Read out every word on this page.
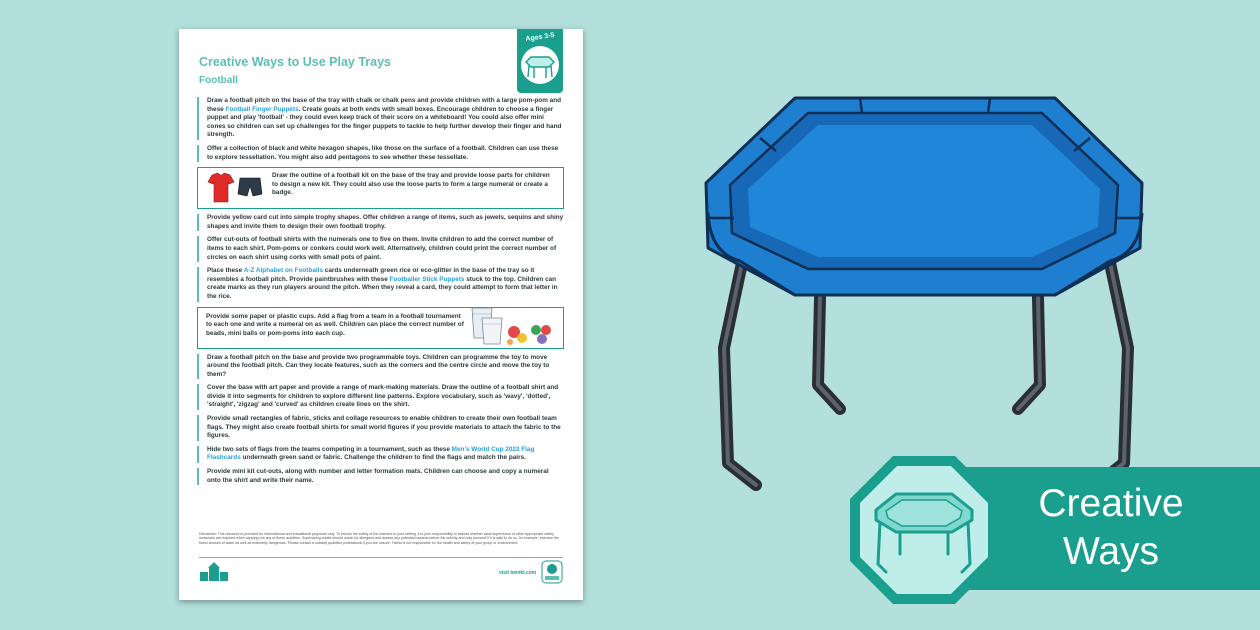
Creative Ways to Use Play Trays
Football
Ages 3-5

Draw a football pitch on the base of the tray with chalk or chalk pens and provide children with a large pom-pom and these Football Finger Puppets. Create goals at both ends with small boxes. Encourage children to choose a finger puppet and play 'football' - they could even keep track of their score on a whiteboard! You could also offer mini cones so children can set up challenges for the finger puppets to tackle to help further develop their finger and hand strength.

Offer a collection of black and white hexagon shapes, like those on the surface of a football. Children can use these to explore tessellation. You might also add pentagons to see whether these tessellate.

Draw the outline of a football kit on the base of the tray and provide loose parts for children to design a new kit. They could also use the loose parts to form a large numeral or create a badge.

Provide yellow card cut into simple trophy shapes. Offer children a range of items, such as jewels, sequins and shiny shapes and invite them to design their own football trophy.

Offer cut-outs of football shirts with the numerals one to five on them. Invite children to add the correct number of items to each shirt. Pom-poms or conkers could work well. Alternatively, children could print the correct number of circles on each shirt using corks with small pots of paint.

Place these A-Z Alphabet on Footballs cards underneath green rice or eco-glitter in the base of the tray so it resembles a football pitch. Provide paintbrushes with these Footballer Stick Puppets stuck to the top. Children can create marks as they run players around the pitch. When they reveal a card, they could attempt to form that letter in the rice.

Provide some paper or plastic cups. Add a flag from a team in a football tournament to each one and write a numeral on as well. Children can place the correct number of beads, mini balls or pom-poms into each cup.

Draw a football pitch on the base and provide two programmable toys. Children can programme the toy to move around the football pitch. Can they locate features, such as the corners and the centre circle and move the toy to them?

Cover the base with art paper and provide a range of mark-making materials. Draw the outline of a football shirt and divide it into segments for children to explore different line patterns. Explore vocabulary, such as 'wavy', 'dotted', 'straight', 'zigzag' and 'curved' as children create lines on the shirt.

Provide small rectangles of fabric, sticks and collage resources to enable children to create their own football team flags. They might also create football shirts for small world figures if you provide materials to attach the fabric to the figures.

Hide two sets of flags from the teams competing in a tournament, such as these Men's World Cup 2022 Flag Flashcards underneath green sand or fabric. Challenge the children to find the flags and match the pairs.

Provide mini kit cut-outs, along with number and letter formation mats. Children can choose and copy a numeral onto the shirt and write their name.

Disclaimer: This resource is provided for informational and educational purposes only. To ensure the safety of the learners in your setting, it is your responsibility to assess whether adult supervision or other appropriate safety measures are required when carrying out any of these activities. Supervising adults should check for allergens and assess any potential hazards before the activity and only proceed if it is safe to do so, for example, exercise the finest amount of water as well as extremely dangerous. Please consult a suitably qualified professional if you are unsure. Twinkl is not responsible for the health and safety of your group or environment.
visit twinkl.com
Creative
Ways
